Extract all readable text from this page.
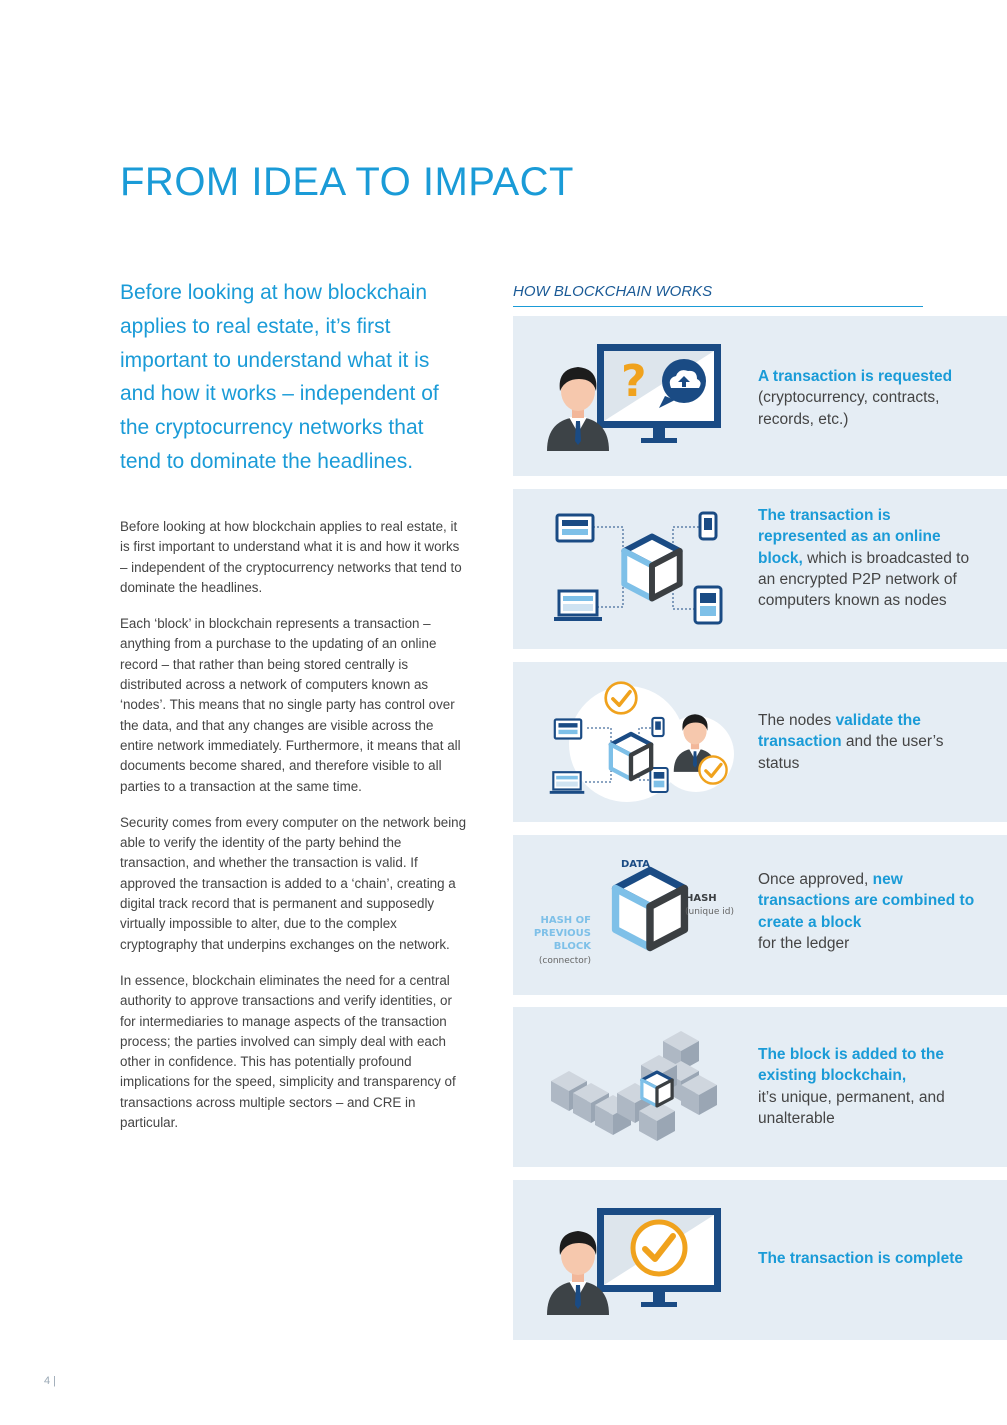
FROM IDEA TO IMPACT

Before looking at how blockchain applies to real estate, it’s first important to understand what it is and how it works – independent of the cryptocurrency networks that tend to dominate the headlines.

Before looking at how blockchain applies to real estate, it is first important to understand what it is and how it works – independent of the cryptocurrency networks that tend to dominate the headlines.

Each ‘block’ in blockchain represents a transaction – anything from a purchase to the updating of an online record – that rather than being stored centrally is distributed across a network of computers known as ‘nodes’. This means that no single party has control over the data, and that any changes are visible across the entire network immediately. Furthermore, it means that all documents become shared, and therefore visible to all parties to a transaction at the same time.

Security comes from every computer on the network being able to verify the identity of the party behind the transaction, and whether the transaction is valid. If approved the transaction is added to a ‘chain’, creating a digital track record that is permanent and supposedly virtually impossible to alter, due to the complex cryptography that underpins exchanges on the network.

In essence, blockchain eliminates the need for a central authority to approve transactions and verify identities, or for intermediaries to manage aspects of the transaction process; the parties involved can simply deal with each other in confidence. This has potentially profound implications for the speed, simplicity and transparency of transactions across multiple sectors – and CRE in particular.

HOW BLOCKCHAIN WORKS
?	A transaction is requested
(cryptocurrency, contracts, records, etc.)
The transaction is represented as an online block, which is broadcasted to an encrypted P2P network of computers known as nodes
The nodes validate the transaction and the user’s status
DATA
HASH
(unique id)
HASH OF
PREVIOUS
BLOCK
(connector)
Once approved, new transactions are combined to create a block
for the ledger
The block is added to the existing blockchain,
it’s unique, permanent, and unalterable
The transaction is complete
4 |
